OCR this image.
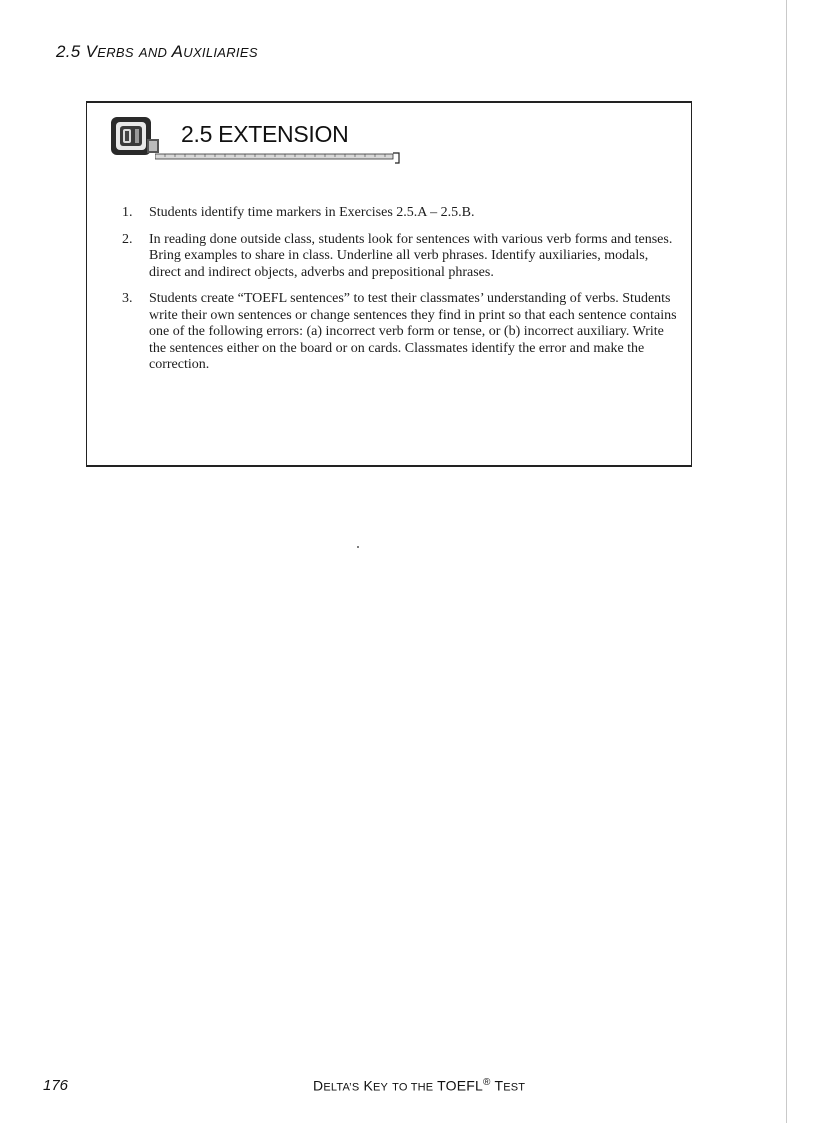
2.5 VERBS AND AUXILIARIES
2.5 EXTENSION
1. Students identify time markers in Exercises 2.5.A – 2.5.B.
2. In reading done outside class, students look for sentences with various verb forms and tenses. Bring examples to share in class. Underline all verb phrases. Identify auxiliaries, modals, direct and indirect objects, adverbs and prepositional phrases.
3. Students create “TOEFL sentences” to test their classmates’ understanding of verbs. Students write their own sentences or change sentences they find in print so that each sentence contains one of the following errors: (a) incorrect verb form or tense, or (b) incorrect auxiliary. Write the sentences either on the board or on cards. Classmates identify the error and make the correction.
176	DELTA’S KEY TO THE TOEFL® TEST
